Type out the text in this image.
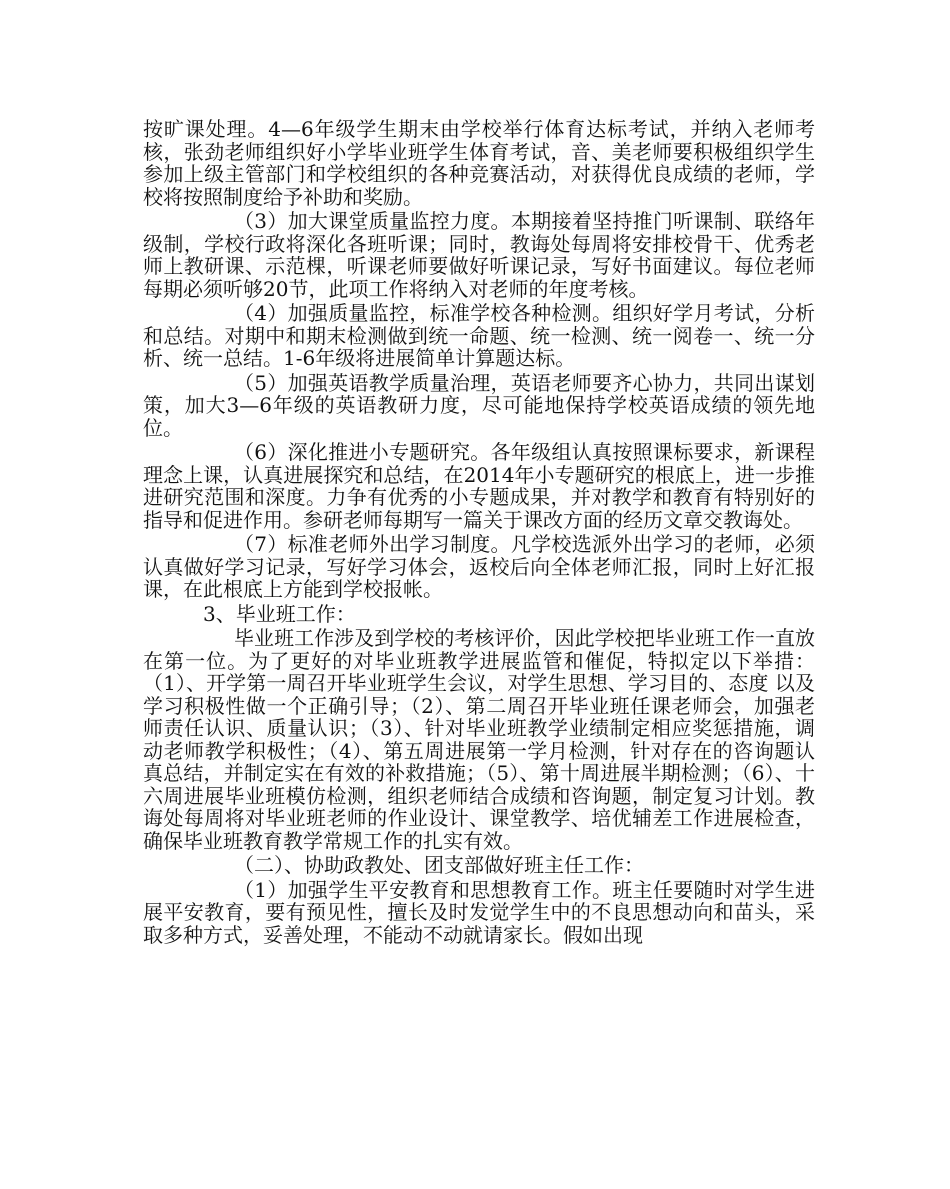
按旷课处理。4—6年级学生期末由学校举行体育达标考试，并纳入老师考核，张劲老师组织好小学毕业班学生体育考试，音、美老师要积极组织学生参加上级主管部门和学校组织的各种竞赛活动，对获得优良成绩的老师，学校将按照制度给予补助和奖励。

（3）加大课堂质量监控力度。本期接着坚持推门听课制、联络年级制，学校行政将深化各班听课；同时，教诲处每周将安排校骨干、优秀老师上教研课、示范棵，听课老师要做好听课记录，写好书面建议。每位老师每期必须听够20节，此项工作将纳入对老师的年度考核。

（4）加强质量监控，标准学校各种检测。组织好学月考试，分析和总结。对期中和期末检测做到统一命题、统一检测、统一阅卷一、统一分析、统一总结。1-6年级将进展简单计算题达标。

（5）加强英语教学质量治理，英语老师要齐心协力，共同出谋划策，加大3—6年级的英语教研力度，尽可能地保持学校英语成绩的领先地位。

（6）深化推进小专题研究。各年级组认真按照课标要求，新课程理念上课，认真进展探究和总结，在2014年小专题研究的根底上，进一步推进研究范围和深度。力争有优秀的小专题成果，并对教学和教育有特别好的指导和促进作用。参研老师每期写一篇关于课改方面的经历文章交教诲处。

（7）标准老师外出学习制度。凡学校选派外出学习的老师，必须认真做好学习记录，写好学习体会，返校后向全体老师汇报，同时上好汇报课，在此根底上方能到学校报帐。

3、毕业班工作：

毕业班工作涉及到学校的考核评价，因此学校把毕业班工作一直放在第一位。为了更好的对毕业班教学进展监管和催促，特拟定以下举措：（1）、开学第一周召开毕业班学生会议，对学生思想、学习目的、态度 以及学习积极性做一个正确引导；（2）、第二周召开毕业班任课老师会，加强老师责任认识、质量认识；（3）、针对毕业班教学业绩制定相应奖惩措施，调动老师教学积极性；（4）、第五周进展第一学月检测，针对存在的咨询题认真总结，并制定实在有效的补救措施；（5）、第十周进展半期检测；（6）、十六周进展毕业班模仿检测，组织老师结合成绩和咨询题，制定复习计划。教诲处每周将对毕业班老师的作业设计、课堂教学、培优辅差工作进展检查，确保毕业班教育教学常规工作的扎实有效。

（二）、协助政教处、团支部做好班主任工作：

（1）加强学生平安教育和思想教育工作。班主任要随时对学生进展平安教育，要有预见性，擅长及时发觉学生中的不良思想动向和苗头，采取多种方式，妥善处理，不能动不动就请家长。假如出现
